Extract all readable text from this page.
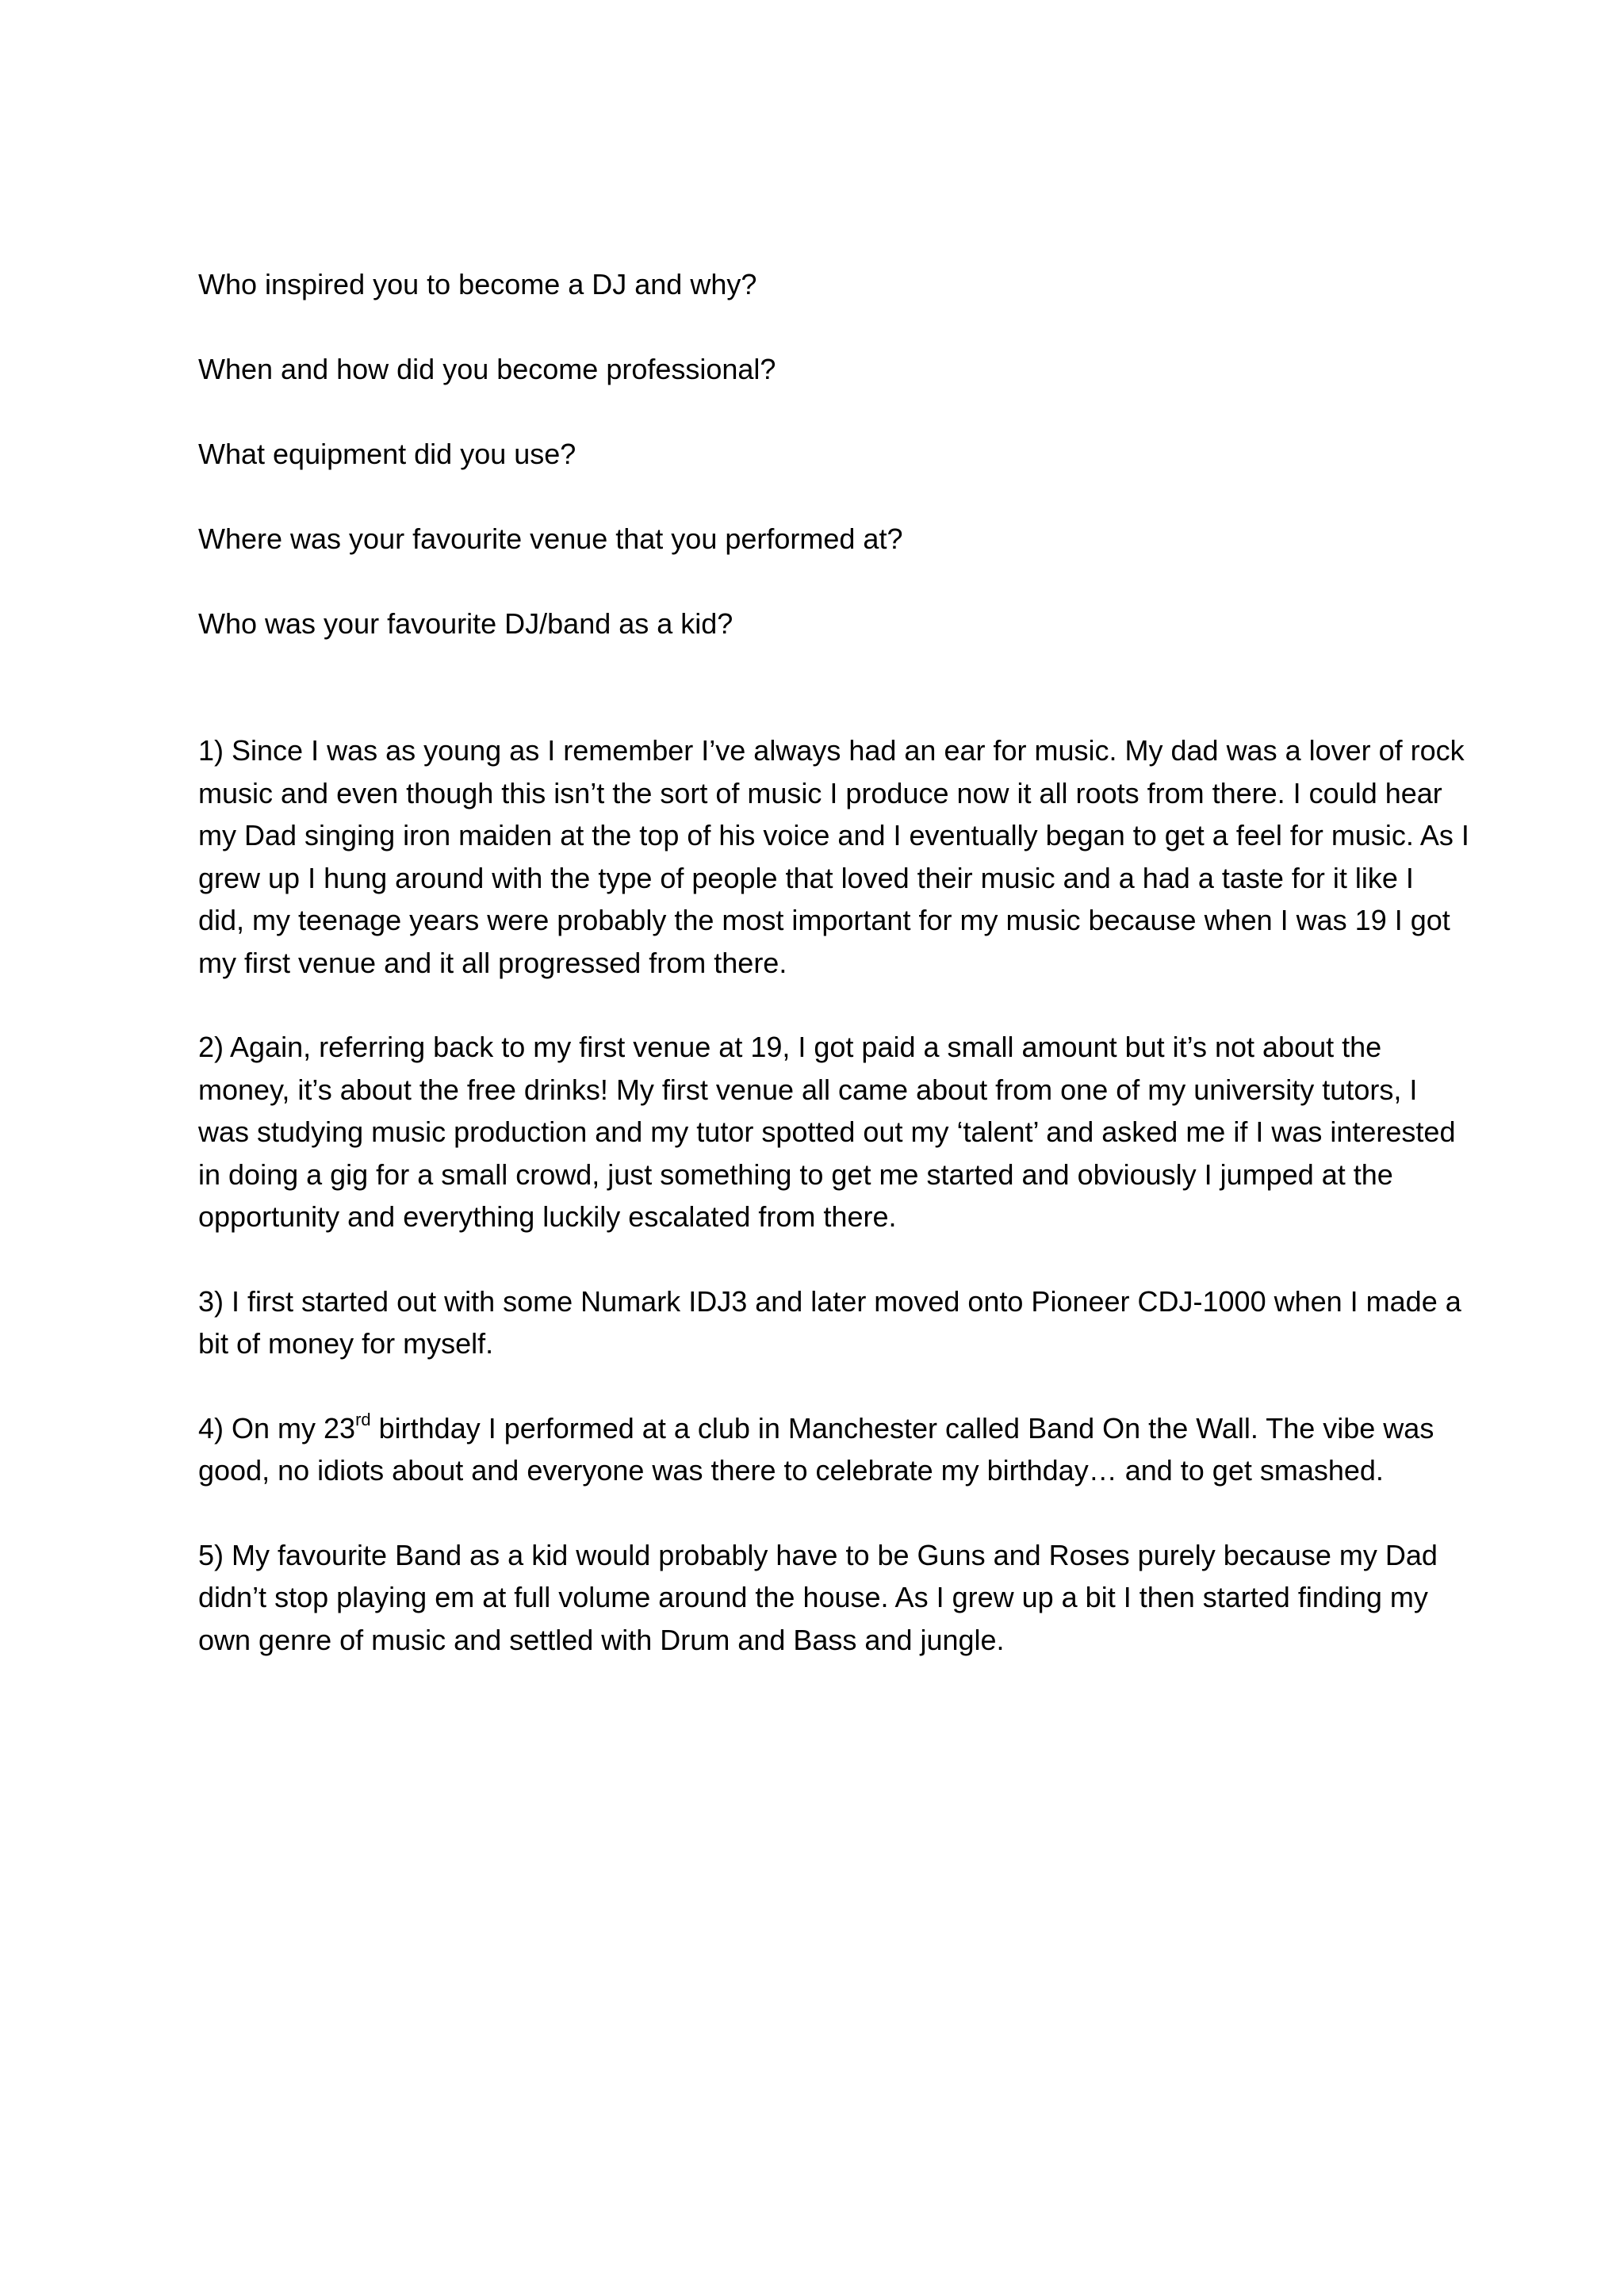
Who inspired you to become a DJ and why?

When and how did you become professional?

What equipment did you use?

Where was your favourite venue that you performed at?

Who was your favourite DJ/band as a kid?

1) Since I was as young as I remember I’ve always had an ear for music. My dad was a lover of rock
music and even though this isn’t the sort of music I produce now it all roots from there. I could hear
my Dad singing iron maiden at the top of his voice and I eventually began to get a feel for music. As I
grew up I hung around with the type of people that loved their music and a had a taste for it like I
did, my teenage years were probably the most important for my music because when I was 19 I got
my first venue and it all progressed from there.

2) Again, referring back to my first venue at 19, I got paid a small amount but it’s not about the
money, it’s about the free drinks! My first venue all came about from one of my university tutors, I
was studying music production and my tutor spotted out my ‘talent’ and asked me if I was interested
in doing a gig for a small crowd, just something to get me started and obviously I jumped at the
opportunity and everything luckily escalated from there.

3) I first started out with some Numark IDJ3 and later moved onto Pioneer CDJ-1000 when I made a
bit of money for myself.

4) On my 23rd birthday I performed at a club in Manchester called Band On the Wall. The vibe was
good, no idiots about and everyone was there to celebrate my birthday… and to get smashed.

5) My favourite Band as a kid would probably have to be Guns and Roses purely because my Dad
didn’t stop playing em at full volume around the house. As I grew up a bit I then started finding my
own genre of music and settled with Drum and Bass and jungle.
